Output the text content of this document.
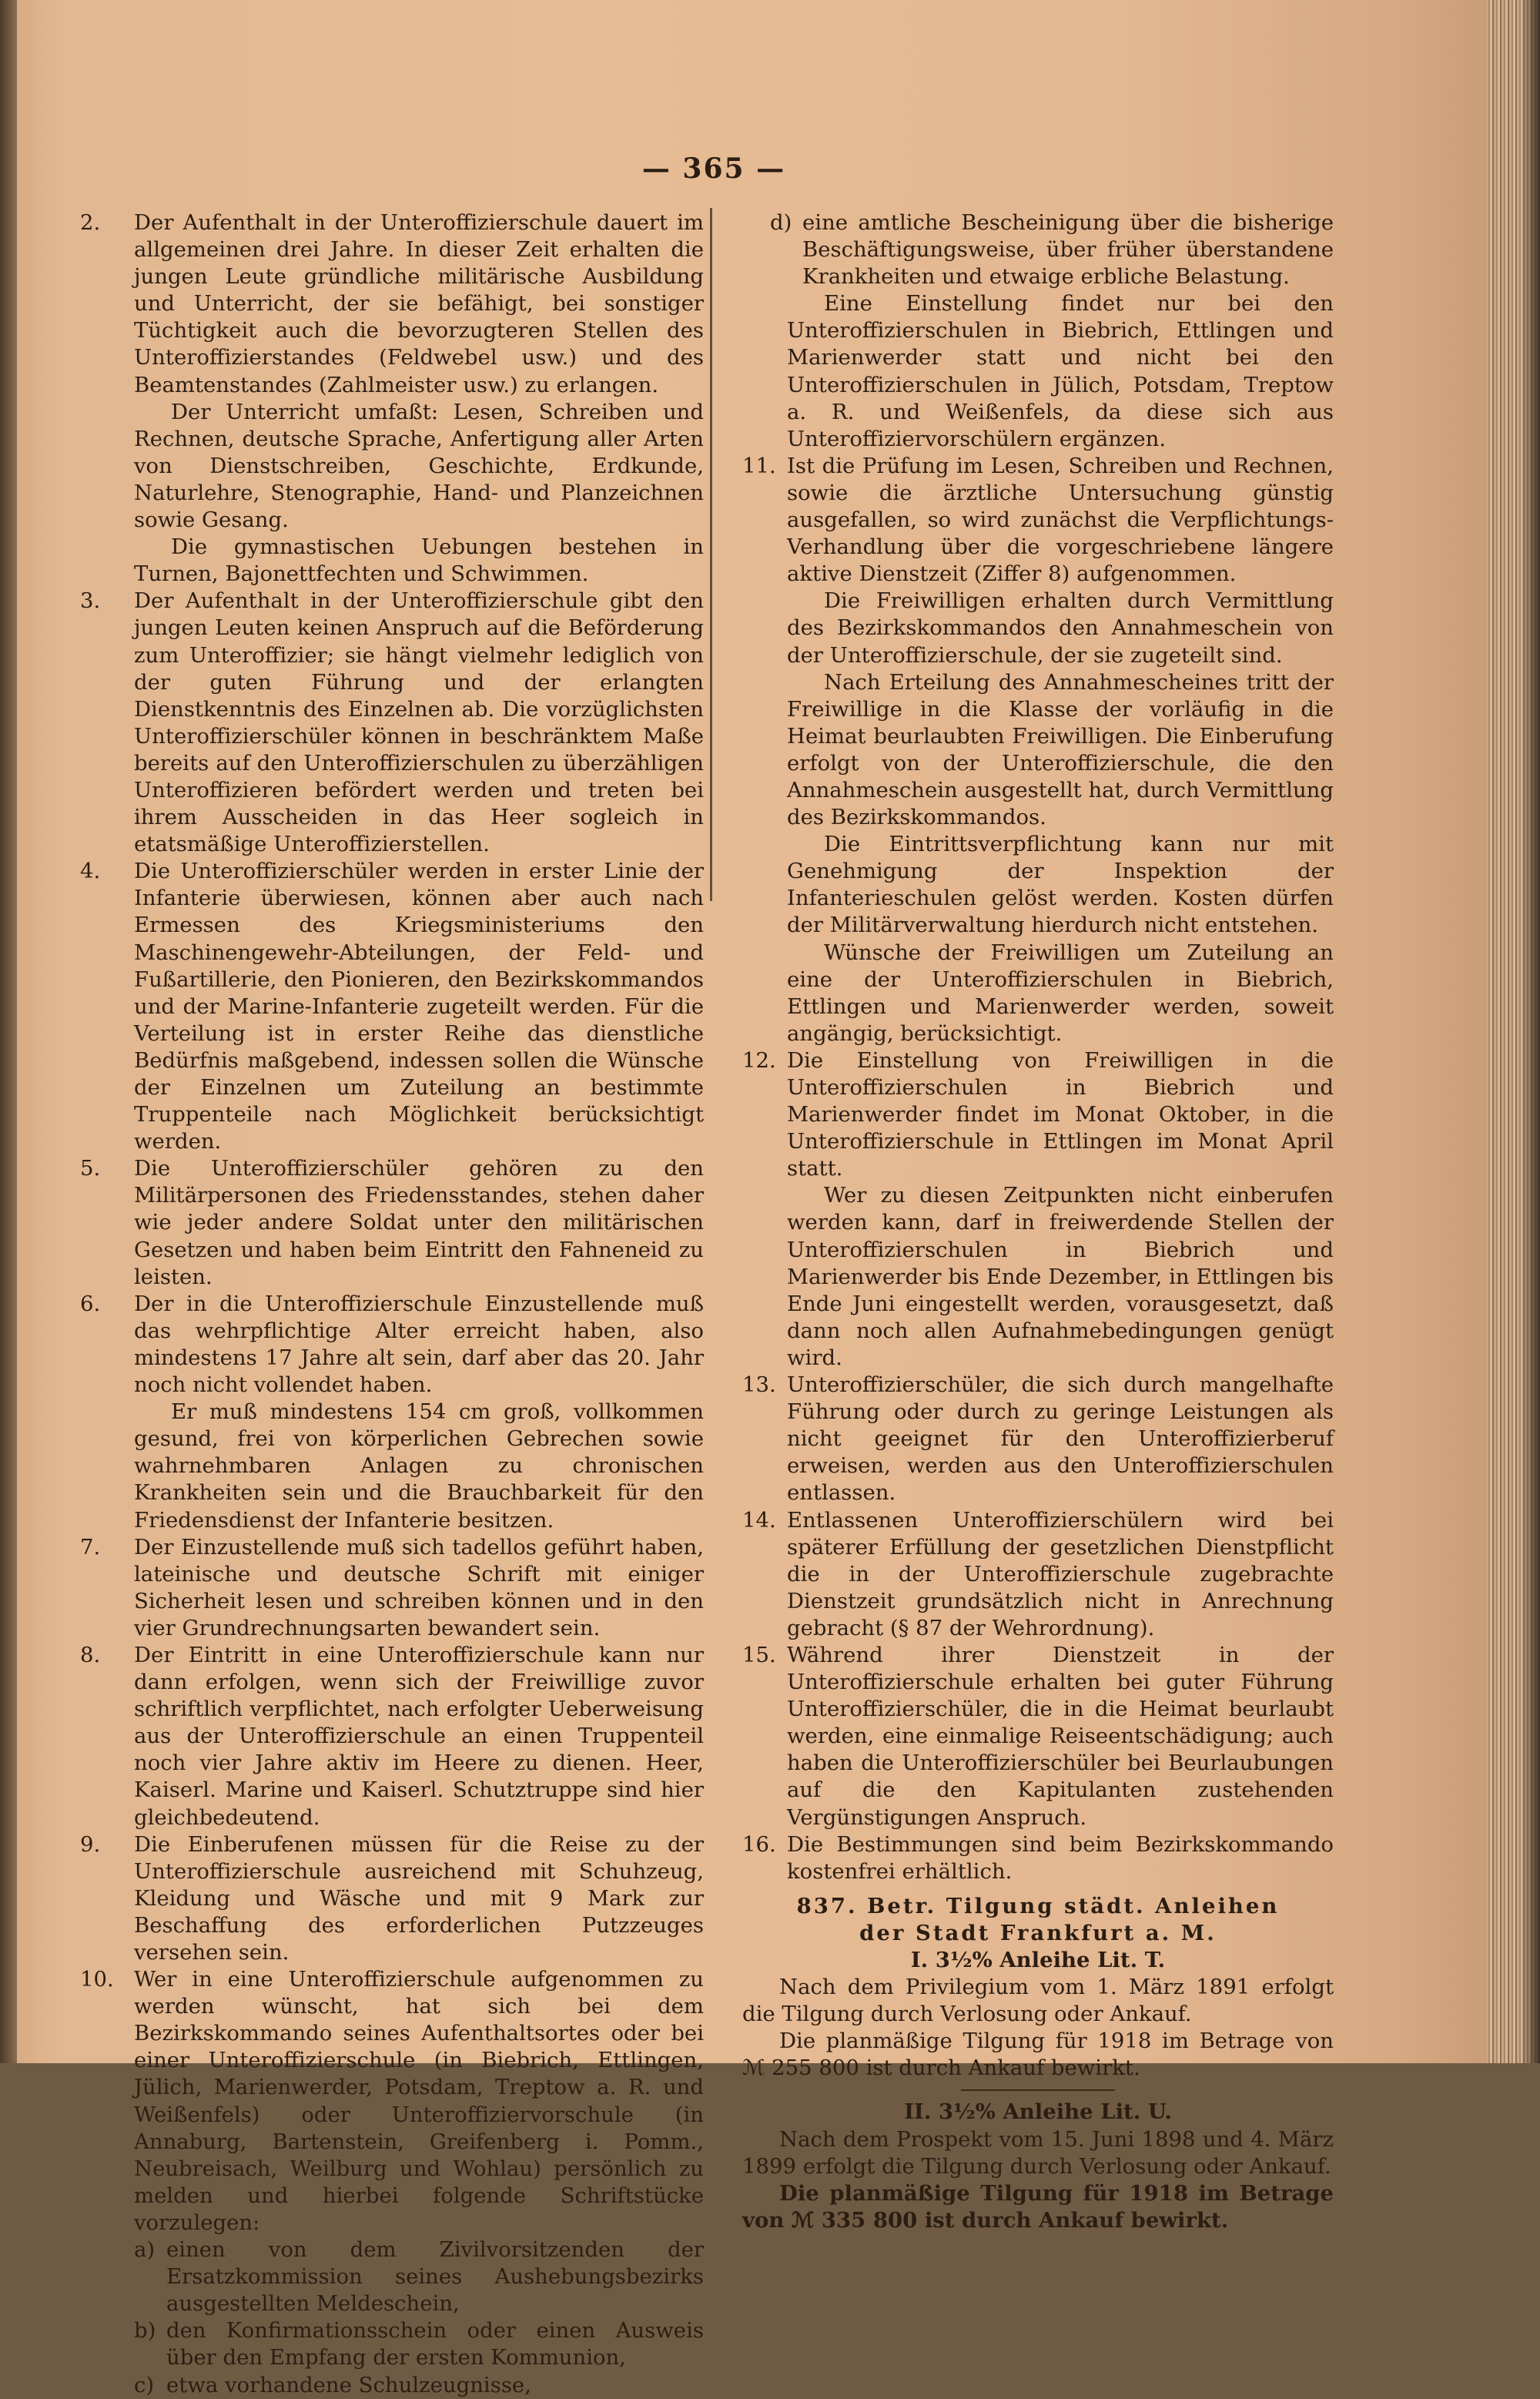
— 365 —
2.	Der Aufenthalt in der Unteroffizierschule dauert im allgemeinen drei Jahre. In dieser Zeit erhalten die jungen Leute gründliche militärische Ausbildung und Unterricht, der sie befähigt, bei sonstiger Tüchtigkeit auch die bevorzugteren Stellen des Unteroffizierstandes (Feldwebel usw.) und des Beamtenstandes (Zahlmeister usw.) zu erlangen.

Der Unterricht umfaßt: Lesen, Schreiben und Rechnen, deutsche Sprache, Anfertigung aller Arten von Dienstschreiben, Geschichte, Erdkunde, Naturlehre, Stenographie, Hand- und Planzeichnen sowie Gesang.

Die gymnastischen Uebungen bestehen in Turnen, Bajonettfechten und Schwimmen.

3.	Der Aufenthalt in der Unteroffizierschule gibt den jungen Leuten keinen Anspruch auf die Beförderung zum Unteroffizier; sie hängt vielmehr lediglich von der guten Führung und der erlangten Dienstkenntnis des Einzelnen ab. Die vorzüglichsten Unteroffizierschüler können in beschränktem Maße bereits auf den Unteroffizierschulen zu überzähligen Unteroffizieren befördert werden und treten bei ihrem Ausscheiden in das Heer sogleich in etatsmäßige Unteroffizierstellen.

4.	Die Unteroffizierschüler werden in erster Linie der Infanterie überwiesen, können aber auch nach Ermessen des Kriegsministeriums den Maschinengewehr-Abteilungen, der Feld- und Fußartillerie, den Pionieren, den Bezirkskommandos und der Marine-Infanterie zugeteilt werden. Für die Verteilung ist in erster Reihe das dienstliche Bedürfnis maßgebend, indessen sollen die Wünsche der Einzelnen um Zuteilung an bestimmte Truppenteile nach Möglichkeit berücksichtigt werden.

5.	Die Unteroffizierschüler gehören zu den Militärpersonen des Friedensstandes, stehen daher wie jeder andere Soldat unter den militärischen Gesetzen und haben beim Eintritt den Fahneneid zu leisten.

6.	Der in die Unteroffizierschule Einzustellende muß das wehrpflichtige Alter erreicht haben, also mindestens 17 Jahre alt sein, darf aber das 20. Jahr noch nicht vollendet haben.

Er muß mindestens 154 cm groß, vollkommen gesund, frei von körperlichen Gebrechen sowie wahrnehmbaren Anlagen zu chronischen Krankheiten sein und die Brauchbarkeit für den Friedensdienst der Infanterie besitzen.

7.	Der Einzustellende muß sich tadellos geführt haben, lateinische und deutsche Schrift mit einiger Sicherheit lesen und schreiben können und in den vier Grundrechnungsarten bewandert sein.

8.	Der Eintritt in eine Unteroffizierschule kann nur dann erfolgen, wenn sich der Freiwillige zuvor schriftlich verpflichtet, nach erfolgter Ueberweisung aus der Unteroffizierschule an einen Truppenteil noch vier Jahre aktiv im Heere zu dienen. Heer, Kaiserl. Marine und Kaiserl. Schutztruppe sind hier gleichbedeutend.

9.	Die Einberufenen müssen für die Reise zu der Unteroffizierschule ausreichend mit Schuhzeug, Kleidung und Wäsche und mit 9 Mark zur Beschaffung des erforderlichen Putzzeuges versehen sein.

10. Wer in eine Unteroffizierschule aufgenommen zu werden wünscht, hat sich bei dem Bezirkskommando seines Aufenthaltsortes oder bei einer Unteroffizierschule (in Biebrich, Ettlingen, Jülich, Marienwerder, Potsdam, Treptow a. R. und Weißenfels) oder Unteroffiziervorschule (in Annaburg, Bartenstein, Greifenberg i. Pomm., Neubreisach, Weilburg und Wohlau) persönlich zu melden und hierbei folgende Schriftstücke vorzulegen:

a) einen von dem Zivilvorsitzenden der Ersatzkommission seines Aushebungsbezirks ausgestellten Meldeschein,

b) den Konfirmationsschein oder einen Ausweis über den Empfang der ersten Kommunion,

c) etwa vorhandene Schulzeugnisse,

d) eine amtliche Bescheinigung über die bisherige Beschäftigungsweise, über früher überstandene Krankheiten und etwaige erbliche Belastung.

Eine Einstellung findet nur bei den Unteroffizierschulen in Biebrich, Ettlingen und Marienwerder statt und nicht bei den Unteroffizierschulen in Jülich, Potsdam, Treptow a. R. und Weißenfels, da diese sich aus Unteroffiziervorschülern ergänzen.

11. Ist die Prüfung im Lesen, Schreiben und Rechnen, sowie die ärztliche Untersuchung günstig ausgefallen, so wird zunächst die Verpflichtungs-Verhandlung über die vorgeschriebene längere aktive Dienstzeit (Ziffer 8) aufgenommen.

Die Freiwilligen erhalten durch Vermittlung des Bezirkskommandos den Annahmeschein von der Unteroffizierschule, der sie zugeteilt sind.

Nach Erteilung des Annahmescheines tritt der Freiwillige in die Klasse der vorläufig in die Heimat beurlaubten Freiwilligen. Die Einberufung erfolgt von der Unteroffizierschule, die den Annahmeschein ausgestellt hat, durch Vermittlung des Bezirkskommandos.

Die Eintrittsverpflichtung kann nur mit Genehmigung der Inspektion der Infanterieschulen gelöst werden. Kosten dürfen der Militärverwaltung hierdurch nicht entstehen.

Wünsche der Freiwilligen um Zuteilung an eine der Unteroffizierschulen in Biebrich, Ettlingen und Marienwerder werden, soweit angängig, berücksichtigt.

12. Die Einstellung von Freiwilligen in die Unteroffizierschulen in Biebrich und Marienwerder findet im Monat Oktober, in die Unteroffizierschule in Ettlingen im Monat April statt.

Wer zu diesen Zeitpunkten nicht einberufen werden kann, darf in freiwerdende Stellen der Unteroffizierschulen in Biebrich und Marienwerder bis Ende Dezember, in Ettlingen bis Ende Juni eingestellt werden, vorausgesetzt, daß dann noch allen Aufnahmebedingungen genügt wird.

13. Unteroffizierschüler, die sich durch mangelhafte Führung oder durch zu geringe Leistungen als nicht geeignet für den Unteroffizierberuf erweisen, werden aus den Unteroffizierschulen entlassen.

14. Entlassenen Unteroffizierschülern wird bei späterer Erfüllung der gesetzlichen Dienstpflicht die in der Unteroffizierschule zugebrachte Dienstzeit grundsätzlich nicht in Anrechnung gebracht (§ 87 der Wehrordnung).

15. Während ihrer Dienstzeit in der Unteroffizierschule erhalten bei guter Führung Unteroffizierschüler, die in die Heimat beurlaubt werden, eine einmalige Reiseentschädigung; auch haben die Unteroffizierschüler bei Beurlaubungen auf die den Kapitulanten zustehenden Vergünstigungen Anspruch.

16. Die Bestimmungen sind beim Bezirkskommando kostenfrei erhältlich.

837. Betr. Tilgung städt. Anleihen

der Stadt Frankfurt a. M.

I. 3½% Anleihe Lit. T.

Nach dem Privilegium vom 1. März 1891 erfolgt die Tilgung durch Verlosung oder Ankauf.

Die planmäßige Tilgung für 1918 im Betrage von ℳ 255 800 ist durch Ankauf bewirkt.

II. 3½% Anleihe Lit. U.

Nach dem Prospekt vom 15. Juni 1898 und 4. März 1899 erfolgt die Tilgung durch Verlosung oder Ankauf.

Die planmäßige Tilgung für 1918 im Betrage von ℳ 335 800 ist durch Ankauf bewirkt.
